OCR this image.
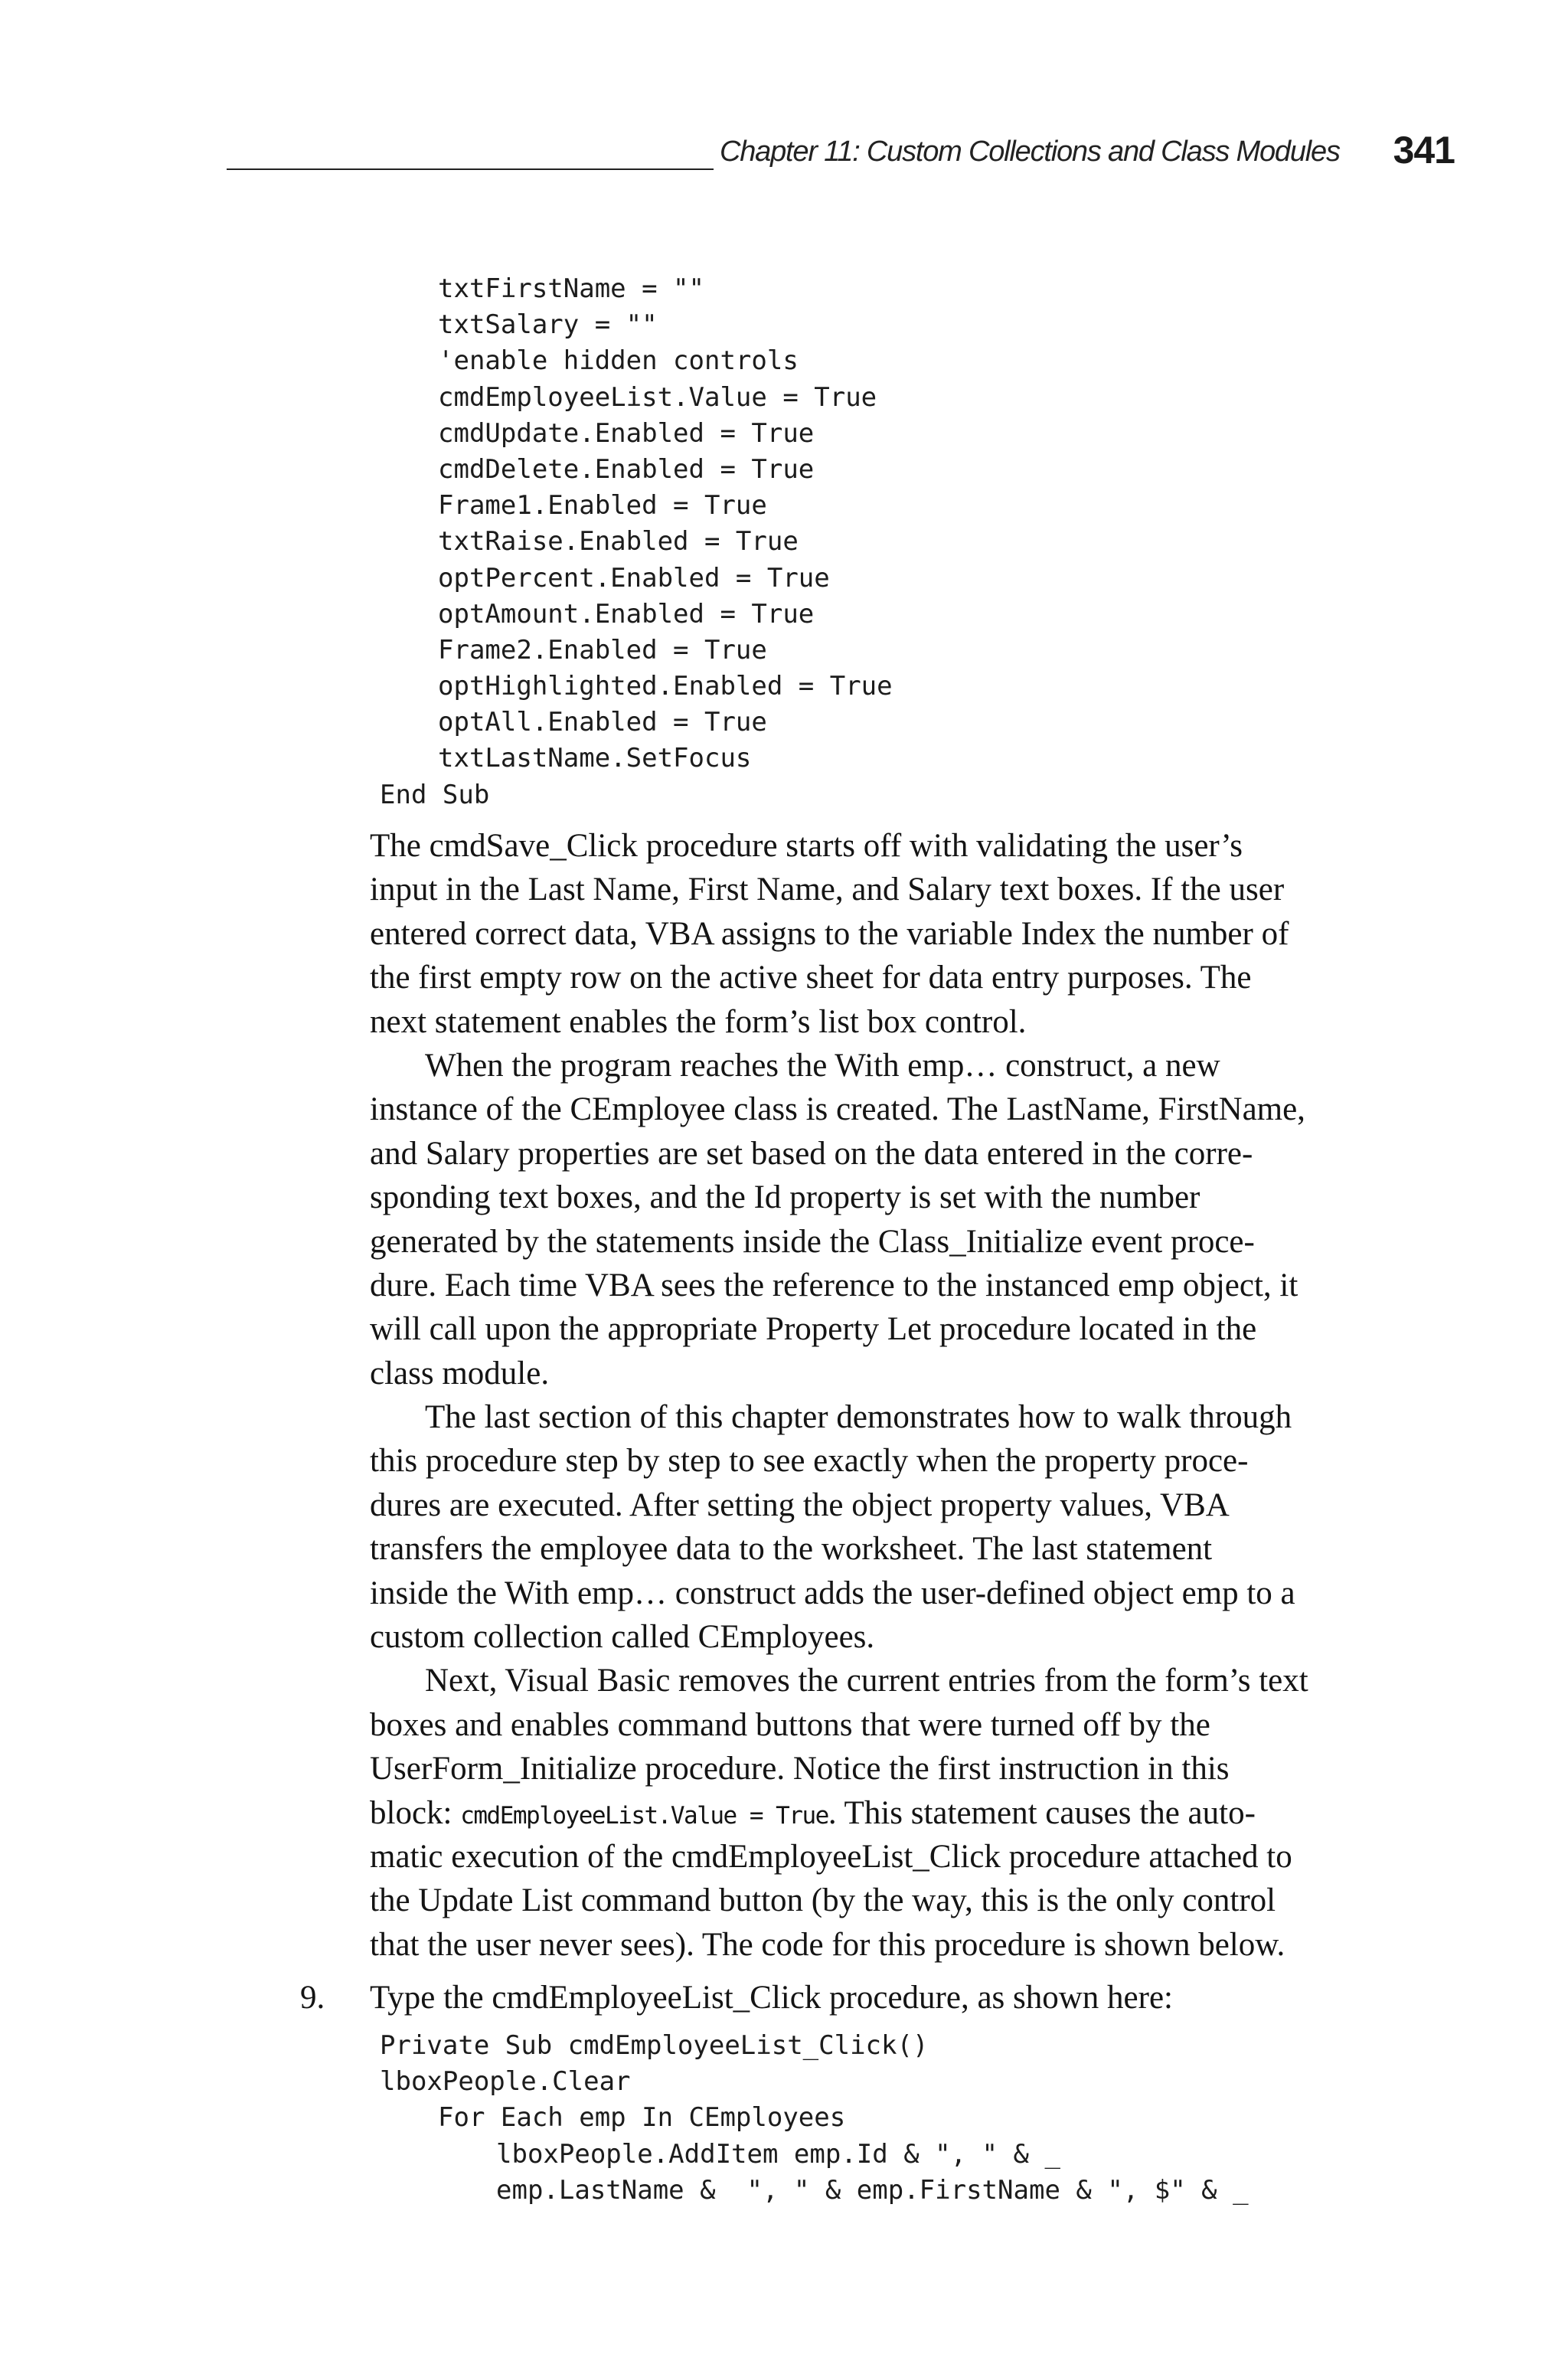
Chapter 11: Custom Collections and Class Modules	341
txtFirstName = ""
txtSalary = ""
'enable hidden controls
cmdEmployeeList.Value = True
cmdUpdate.Enabled = True
cmdDelete.Enabled = True
Frame1.Enabled = True
txtRaise.Enabled = True
optPercent.Enabled = True
optAmount.Enabled = True
Frame2.Enabled = True
optHighlighted.Enabled = True
optAll.Enabled = True
txtLastName.SetFocus
End Sub

The cmdSave_Click procedure starts off with validating the user’s
input in the Last Name, First Name, and Salary text boxes. If the user
entered correct data, VBA assigns to the variable Index the number of
the first empty row on the active sheet for data entry purposes. The
next statement enables the form’s list box control.

When the program reaches the With emp… construct, a new
instance of the CEmployee class is created. The LastName, FirstName,
and Salary properties are set based on the data entered in the corre-
sponding text boxes, and the Id property is set with the number
generated by the statements inside the Class_Initialize event proce-
dure. Each time VBA sees the reference to the instanced emp object, it
will call upon the appropriate Property Let procedure located in the
class module.

The last section of this chapter demonstrates how to walk through
this procedure step by step to see exactly when the property proce-
dures are executed. After setting the object property values, VBA
transfers the employee data to the worksheet. The last statement
inside the With emp… construct adds the user-defined object emp to a
custom collection called CEmployees.

Next, Visual Basic removes the current entries from the form’s text
boxes and enables command buttons that were turned off by the
UserForm_Initialize procedure. Notice the first instruction in this
block: cmdEmployeeList.Value = True. This statement causes the auto-
matic execution of the cmdEmployeeList_Click procedure attached to
the Update List command button (by the way, this is the only control
that the user never sees). The code for this procedure is shown below.

9. Type the cmdEmployeeList_Click procedure, as shown here:
Private Sub cmdEmployeeList_Click()
lboxPeople.Clear
For Each emp In CEmployees
lboxPeople.AddItem emp.Id & ", " & _
emp.LastName &  ", " & emp.FirstName & ", $" & _
